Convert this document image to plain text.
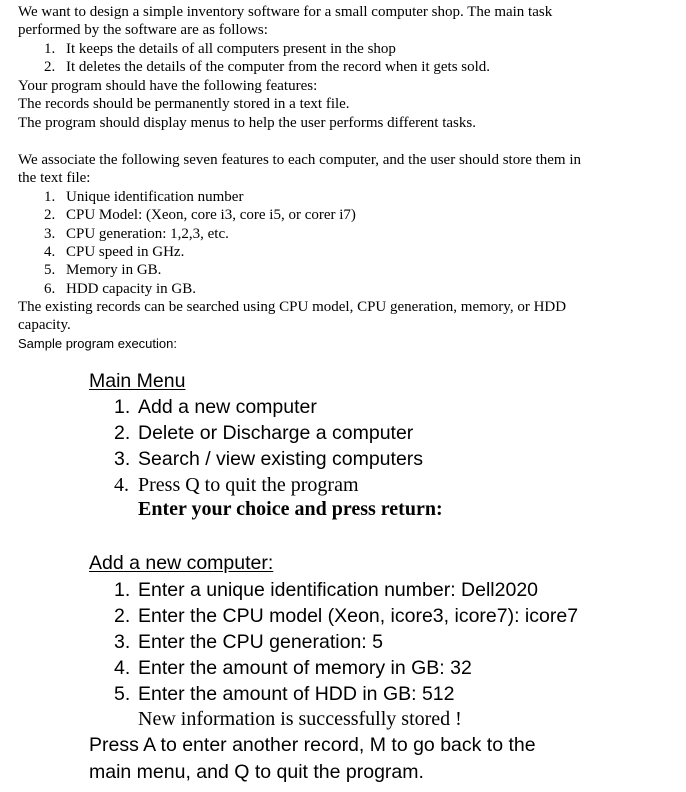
We want to design a simple inventory software for a small computer shop. The main task
performed by the software are as follows:
1. It keeps the details of all computers present in the shop
2. It deletes the details of the computer from the record when it gets sold.
Your program should have the following features:
The records should be permanently stored in a text file.
The program should display menus to help the user performs different tasks.
We associate the following seven features to each computer, and the user should store them in
the text file:
1. Unique identification number
2. CPU Model: (Xeon, core i3, core i5, or corer i7)
3. CPU generation: 1,2,3, etc.
4. CPU speed in GHz.
5. Memory in GB.
6. HDD capacity in GB.
The existing records can be searched using CPU model, CPU generation, memory, or HDD
capacity.
Sample program execution:
Main Menu
1. Add a new computer
2. Delete or Discharge a computer
3. Search / view existing computers
4. Press Q to quit the program
Enter your choice and press return:
Add a new computer:
1. Enter a unique identification number: Dell2020
2. Enter the CPU model (Xeon, icore3, icore7): icore7
3. Enter the CPU generation: 5
4. Enter the amount of memory in GB: 32
5. Enter the amount of HDD in GB: 512
New information is successfully stored !
Press A to enter another record, M to go back to the
main menu, and Q to quit the program.
